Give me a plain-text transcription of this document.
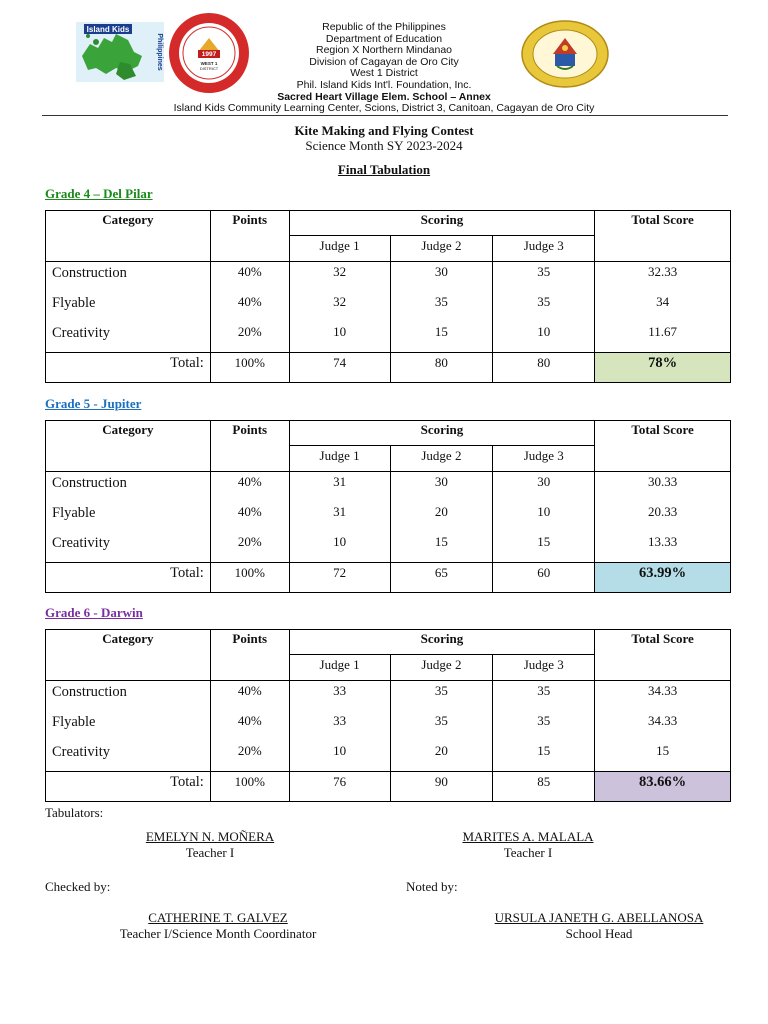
Island Kids
Philippines	1997
WEST 1
DISTRICT
Republic of the Philippines
Department of Education
Region X Northern Mindanao
Division of Cagayan de Oro City
West 1 District
Phil. Island Kids Int'l. Foundation, Inc.
Sacred Heart Village Elem. School – Annex
Island Kids Community Learning Center, Scions, District 3, Canitoan, Cagayan de Oro City
Kite Making and Flying Contest
Science Month SY 2023-2024
Final Tabulation
Grade 4 – Del Pilar
Category	Points	Scoring			Total Score
		Judge 1	Judge 2	Judge 3	
Construction	40%	32	30	35	32.33
Flyable	40%	32	35	35	34
Creativity	20%	10	15	10	11.67
Total:	100%	74	80	80	78%
Grade 5 - Jupiter
Category	Points	Scoring			Total Score
		Judge 1	Judge 2	Judge 3	
Construction	40%	31	30	30	30.33
Flyable	40%	31	20	10	20.33
Creativity	20%	10	15	15	13.33
Total:	100%	72	65	60	63.99%
Grade 6 - Darwin
Category	Points	Scoring			Total Score
		Judge 1	Judge 2	Judge 3	
Construction	40%	33	35	35	34.33
Flyable	40%	33	35	35	34.33
Creativity	20%	10	20	15	15
Total:	100%	76	90	85	83.66%
Tabulators:
EMELYN N. MOÑERA
Teacher I
MARITES A. MALALA
Teacher I
Checked by:	Noted by:
CATHERINE T. GALVEZ
Teacher I/Science Month Coordinator
URSULA JANETH G. ABELLANOSA
School Head
